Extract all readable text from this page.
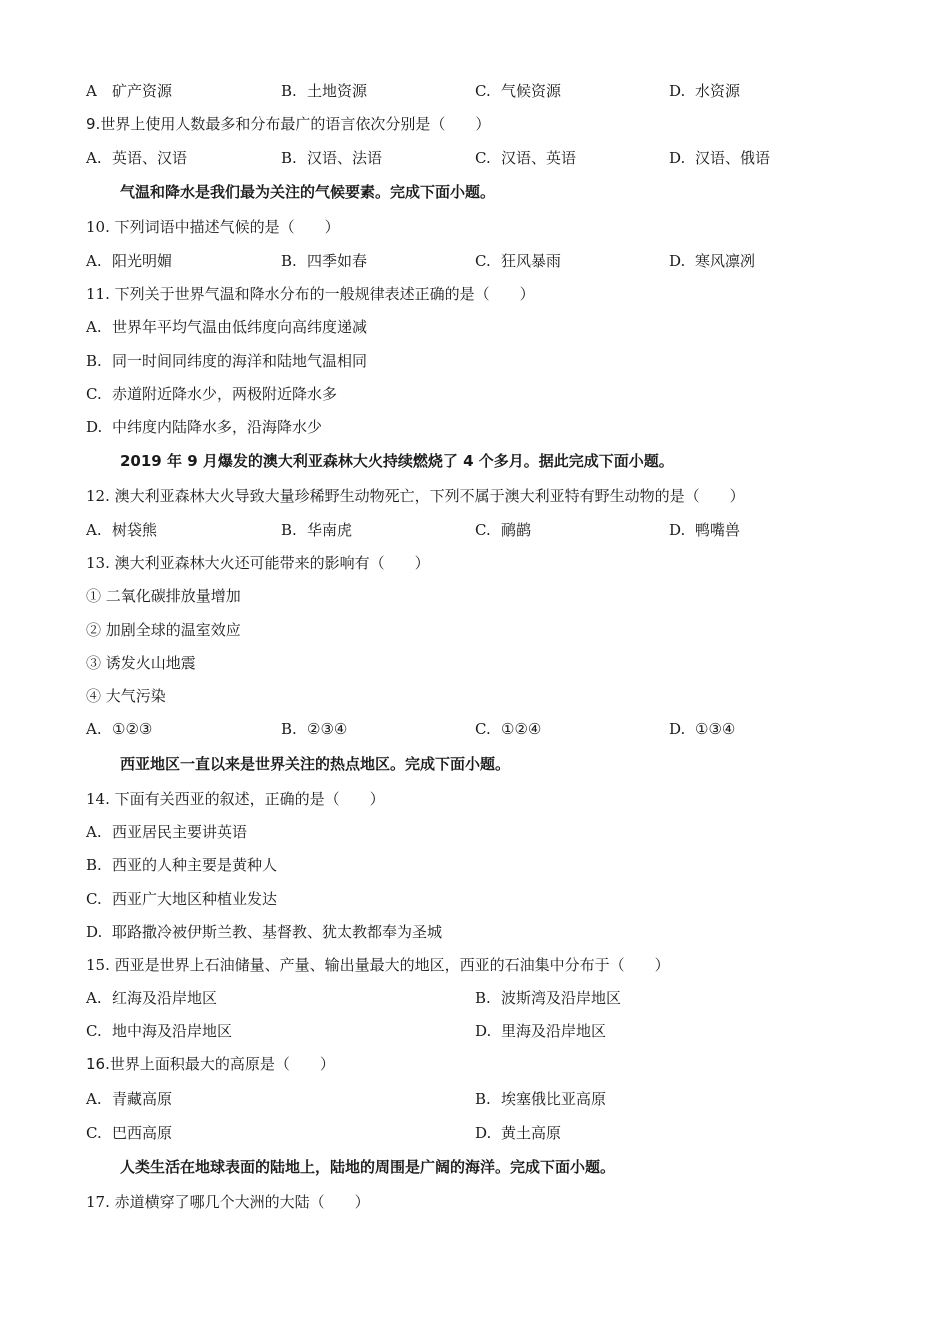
A 矿产资源	B. 土地资源	C. 气候资源	D. 水资源
9.世界上使用人数最多和分布最广的语言依次分别是（　　）
A. 英语、汉语	B. 汉语、法语	C. 汉语、英语	D. 汉语、俄语
气温和降水是我们最为关注的气候要素。完成下面小题。
10. 下列词语中描述气候的是（　　）
A. 阳光明媚	B. 四季如春	C. 狂风暴雨	D. 寒风凛冽
11. 下列关于世界气温和降水分布的一般规律表述正确的是（　　）
A. 世界年平均气温由低纬度向高纬度递减
B. 同一时间同纬度的海洋和陆地气温相同
C. 赤道附近降水少，两极附近降水多
D. 中纬度内陆降水多，沿海降水少
2019 年 9 月爆发的澳大利亚森林大火持续燃烧了 4 个多月。据此完成下面小题。
12. 澳大利亚森林大火导致大量珍稀野生动物死亡，下列不属于澳大利亚特有野生动物的是（　　）
A. 树袋熊	B. 华南虎	C. 鸸鹋	D. 鸭嘴兽
13. 澳大利亚森林大火还可能带来的影响有（　　）
① 二氧化碳排放量增加
② 加剧全球的温室效应
③ 诱发火山地震
④ 大气污染
A. ①②③	B. ②③④	C. ①②④	D. ①③④
西亚地区一直以来是世界关注的热点地区。完成下面小题。
14. 下面有关西亚的叙述，正确的是（　　）
A. 西亚居民主要讲英语
B. 西亚的人种主要是黄种人
C. 西亚广大地区种植业发达
D. 耶路撒冷被伊斯兰教、基督教、犹太教都奉为圣城
15. 西亚是世界上石油储量、产量、输出量最大的地区，西亚的石油集中分布于（　　）
A. 红海及沿岸地区	B. 波斯湾及沿岸地区
C. 地中海及沿岸地区	D. 里海及沿岸地区
16.世界上面积最大的高原是（　　）
A. 青藏高原	B. 埃塞俄比亚高原
C. 巴西高原	D. 黄土高原
人类生活在地球表面的陆地上，陆地的周围是广阔的海洋。完成下面小题。
17. 赤道横穿了哪几个大洲的大陆（　　）
